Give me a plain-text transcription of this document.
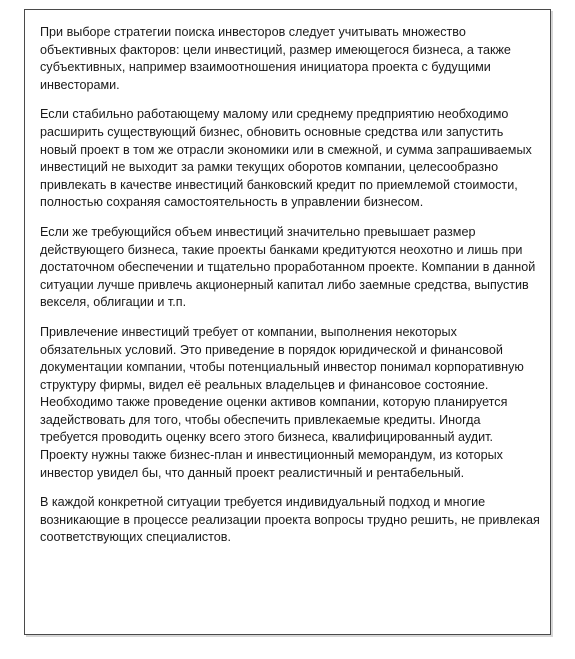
При выборе стратегии поиска инвесторов следует учитывать множество объективных факторов: цели инвестиций, размер имеющегося бизнеса, а также субъективных, например взаимоотношения инициатора проекта с будущими инвесторами.

Если стабильно работающему малому или среднему предприятию необходимо расширить существующий бизнес, обновить основные средства или запустить новый проект в том же отрасли экономики или в смежной, и сумма запрашиваемых инвестиций не выходит за рамки текущих оборотов компании, целесообразно привлекать в качестве инвестиций банковский кредит по приемлемой стоимости, полностью сохраняя самостоятельность в управлении бизнесом.

Если же требующийся объем инвестиций значительно превышает размер действующего бизнеса, такие проекты банками кредитуются неохотно и лишь при достаточном обеспечении и тщательно проработанном проекте. Компании в данной ситуации лучше привлечь акционерный капитал либо заемные средства, выпустив векселя, облигации и т.п.

Привлечение инвестиций требует от компании, выполнения некоторых обязательных условий. Это приведение в порядок юридической и финансовой документации компании, чтобы потенциальный инвестор понимал корпоративную структуру фирмы, видел её реальных владельцев и финансовое состояние. Необходимо также проведение оценки активов компании, которую планируется задействовать для того, чтобы обеспечить привлекаемые кредиты. Иногда требуется проводить оценку всего этого бизнеса, квалифицированный аудит. Проекту нужны также бизнес-план и инвестиционный меморандум, из которых инвестор увидел бы, что данный проект реалистичный и рентабельный.

В каждой конкретной ситуации требуется индивидуальный подход и многие возникающие в процессе реализации проекта вопросы трудно решить, не привлекая соответствующих специалистов.
